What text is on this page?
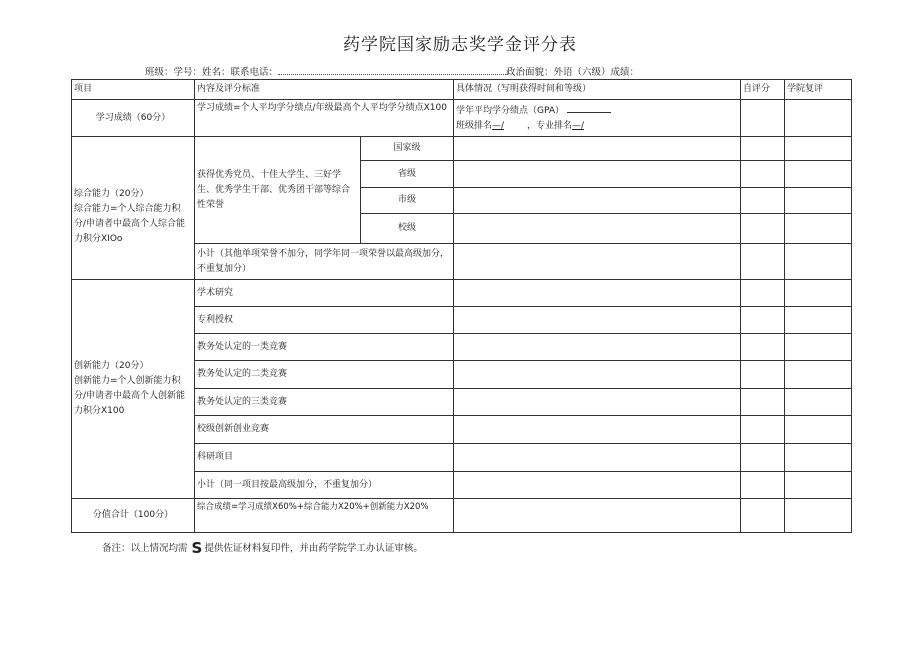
药学院国家励志奖学金评分表
班级：学号：姓名：联系电话：	政治面貌：外语（六级）成绩：
项目	内容及评分标准		具体情况（写明获得时间和等级）	自评分	学院复评
学习成绩（60分）	学习成绩=个人平均学分绩点/年级最高个人平均学分绩点X100		学年平均学分绩点（GPA）
班级排名—/ ，专业排名—/		

综合能力（20分）
综合能力=个人综合能力积分/申请者中最高个人综合能力积分XIOo	获得优秀党员、十佳大学生、三好学生、优秀学生干部、优秀团干部等综合性荣誉	国家级			
		省级			
		市级			
		校级			
	小计（其他单项荣誉不加分，同学年同一项荣誉以最高级加分，不重复加分）				
创新能力（20分）
创新能力=个人创新能力积分/申请者中最高个人创新能力积分X100	学术研究				
	专利授权				
	教务处认定的一类竞赛				
	教务处认定的二类竞赛				
	教务处认定的三类竞赛				
	校级创新创业竞赛				
	科研项目				
	小计（同一项目按最高级加分，不重复加分）				
分值合计（100分）	综合成绩=学习成绩X60%+综合能力X20%+创新能力X20%				
备注：以上情况均需 S 提供佐证材料复印件，并由药学院学工办认证审核。
